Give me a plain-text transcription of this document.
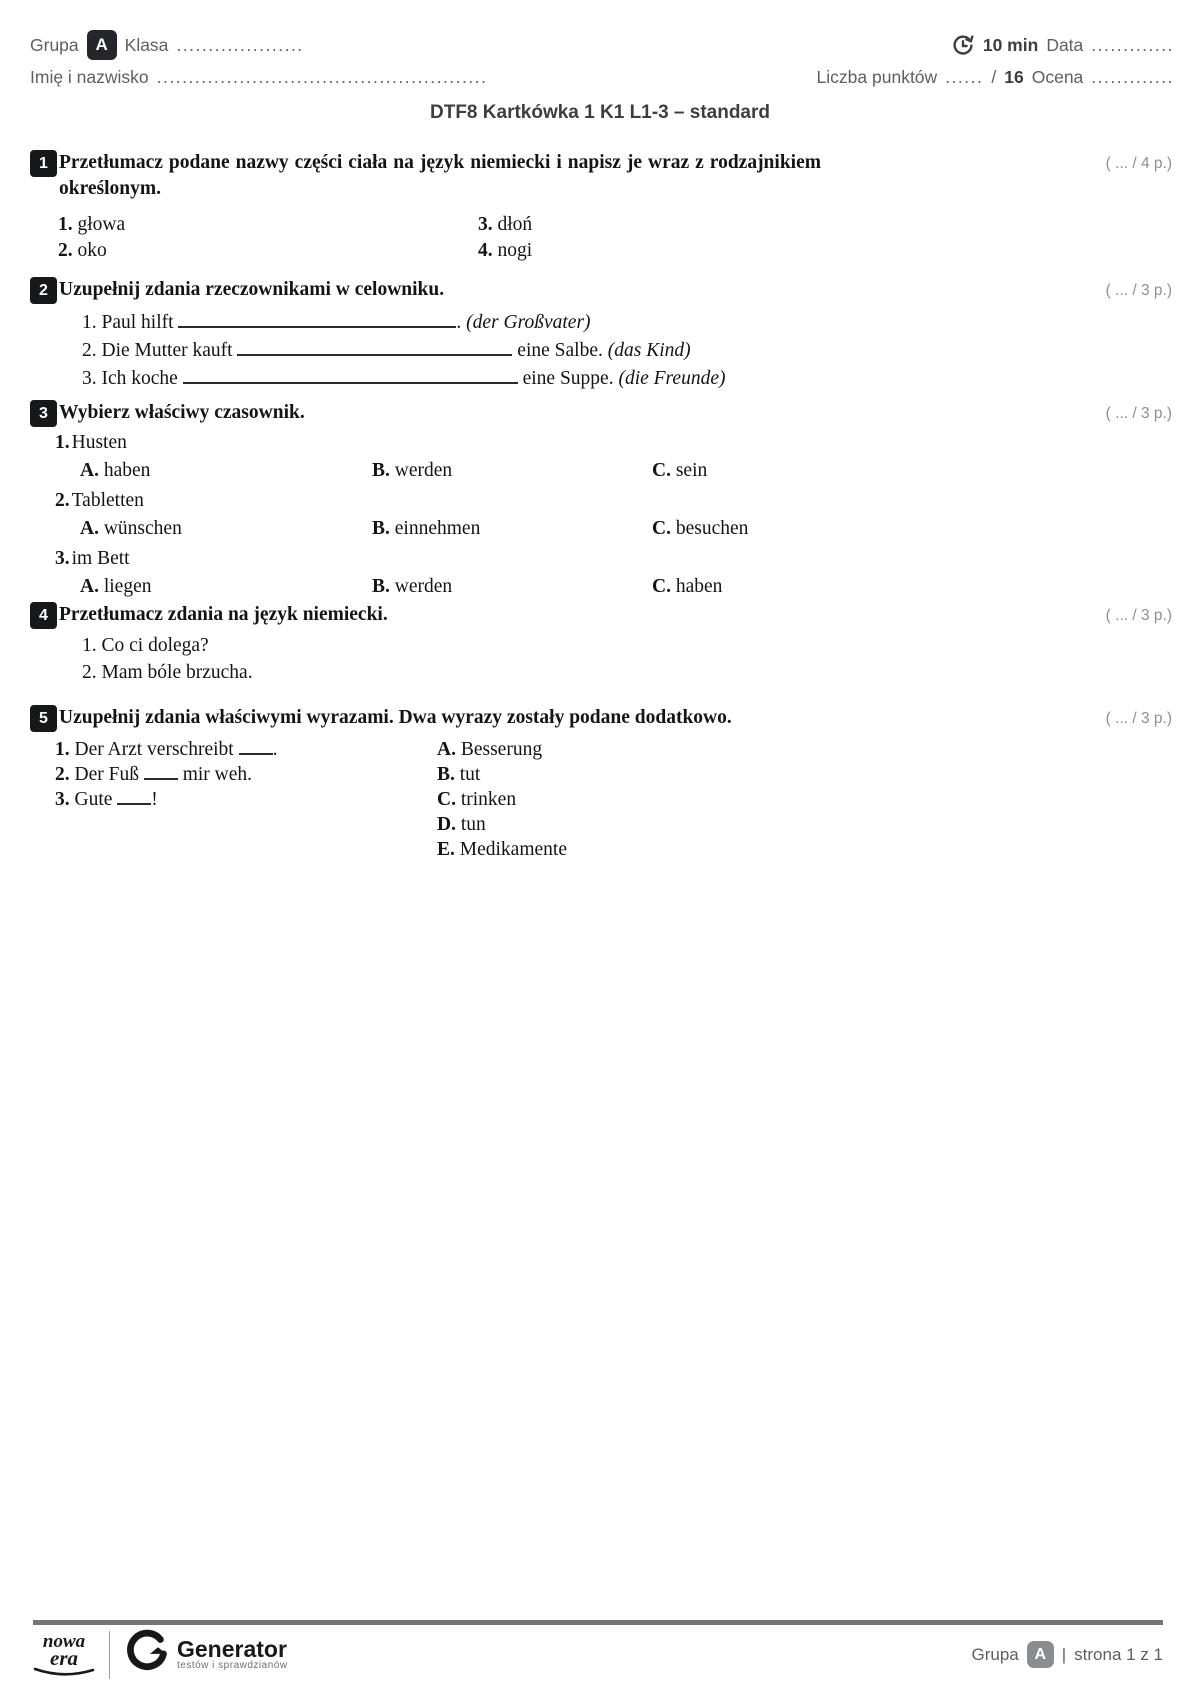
Grupa A Klasa ....................	10 min Data .............
Imię i nazwisko ....................................................	Liczba punktów ...... / 16 Ocena .............
DTF8 Kartkówka 1 K1 L1-3 – standard
1 Przetłumacz podane nazwy części ciała na język niemiecki i napisz je wraz z rodzajnikiem określonym.
( ... / 4 p.)
1. głowa	3. dłoń
2. oko	4. nogi
2 Uzupełnij zdania rzeczownikami w celowniku.	( ... / 3 p.)
1. Paul hilft	. (der Großvater)
2. Die Mutter kauft	eine Salbe. (das Kind)
3. Ich koche	eine Suppe. (die Freunde)
3 Wybierz właściwy czasownik.	( ... / 3 p.)
1. Husten
A. haben	B. werden	C. sein
2. Tabletten
A. wünschen	B. einnehmen	C. besuchen
3. im Bett
A. liegen	B. werden	C. haben
4 Przetłumacz zdania na język niemiecki.	( ... / 3 p.)
1. Co ci dolega?
2. Mam bóle brzucha.
5 Uzupełnij zdania właściwymi wyrazami. Dwa wyrazy zostały podane dodatkowo.	( ... / 3 p.)
1. Der Arzt verschreibt .
2. Der Fuß mir weh.
3. Gute !
A. Besserung
B. tut
C. trinken
D. tun
E. Medikamente
nowa
era	Generator
testów i sprawdzianów
Grupa A | strona 1 z 1
